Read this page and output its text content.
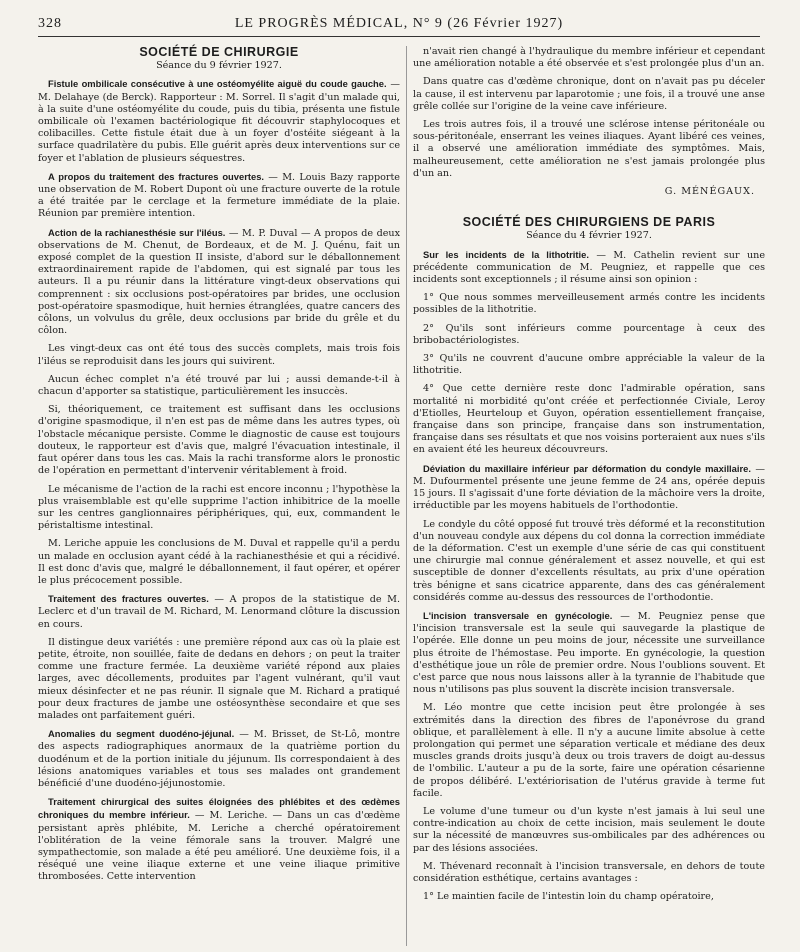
328	LE PROGRÈS MÉDICAL, N° 9 (26 Février 1927)
SOCIÉTÉ DE CHIRURGIE
Séance du 9 février 1927.

Fistule ombilicale consécutive à une ostéomyélite aiguë du coude gauche. — M. Delahaye (de Berck). Rapporteur : M. Sorrel. Il s'agit d'un malade qui, à la suite d'une ostéomyélite du coude, puis du tibia, présenta une fistule ombilicale où l'examen bactériologique fit découvrir staphylocoques et colibacilles. Cette fistule était due à un foyer d'ostéite siégeant à la surface quadrilatère du pubis. Elle guérit après deux interventions sur ce foyer et l'ablation de plusieurs séquestres.

A propos du traitement des fractures ouvertes. — M. Louis Bazy rapporte une observation de M. Robert Dupont où une fracture ouverte de la rotule a été traitée par le cerclage et la fermeture immédiate de la plaie. Réunion par première intention.

Action de la rachianesthésie sur l'iléus. — M. P. Duval — A propos de deux observations de M. Chenut, de Bordeaux, et de M. J. Quénu, fait un exposé complet de la question II insiste, d'abord sur le déballonnement extraordinairement rapide de l'abdomen, qui est signalé par tous les auteurs. Il a pu réunir dans la littérature vingt-deux observations qui comprennent : six occlusions post-opératoires par brides, une occlusion post-opératoire spasmodique, huit hernies étranglées, quatre cancers des côlons, un volvulus du grêle, deux occlusions par bride du grêle et du côlon.

Les vingt-deux cas ont été tous des succès complets, mais trois fois l'iléus se reproduisit dans les jours qui suivirent.

Aucun échec complet n'a été trouvé par lui ; aussi demande-t-il à chacun d'apporter sa statistique, particulièrement les insuccès.

Si, théoriquement, ce traitement est suffisant dans les occlusions d'origine spasmodique, il n'en est pas de même dans les autres types, où l'obstacle mécanique persiste. Comme le diagnostic de cause est toujours douteux, le rapporteur est d'avis que, malgré l'évacuation intestinale, il faut opérer dans tous les cas. Mais la rachi transforme alors le pronostic de l'opération en permettant d'intervenir véritablement à froid.

Le mécanisme de l'action de la rachi est encore inconnu ; l'hypothèse la plus vraisemblable est qu'elle supprime l'action inhibitrice de la moelle sur les centres ganglionnaires périphériques, qui, eux, commandent le péristaltisme intestinal.

M. Leriche appuie les conclusions de M. Duval et rappelle qu'il a perdu un malade en occlusion ayant cédé à la rachianesthésie et qui a récidivé. Il est donc d'avis que, malgré le déballonnement, il faut opérer, et opérer le plus précocement possible.

Traitement des fractures ouvertes. — A propos de la statistique de M. Leclerc et d'un travail de M. Richard, M. Lenormand clôture la discussion en cours.

Il distingue deux variétés : une première répond aux cas où la plaie est petite, étroite, non souillée, faite de dedans en dehors ; on peut la traiter comme une fracture fermée. La deuxième variété répond aux plaies larges, avec décollements, produites par l'agent vulnérant, qu'il vaut mieux désinfecter et ne pas réunir. Il signale que M. Richard a pratiqué pour deux fractures de jambe une ostéosynthèse secondaire et que ses malades ont parfaitement guéri.

Anomalies du segment duodéno-jéjunal. — M. Brisset, de St-Lô, montre des aspects radiographiques anormaux de la quatrième portion du duodénum et de la portion initiale du jéjunum. Ils correspondaient à des lésions anatomiques variables et tous ses malades ont grandement bénéficié d'une duodéno-jéjunostomie.

Traitement chirurgical des suites éloignées des phlébites et des œdèmes chroniques du membre inférieur. — M. Leriche. — Dans un cas d'œdème persistant après phlébite, M. Leriche a cherché opératoirement l'oblitération de la veine fémorale sans la trouver. Malgré une sympathectomie, son malade a été peu amélioré. Une deuxième fois, il a réséqué une veine iliaque externe et une veine iliaque primitive thrombosées. Cette intervention

n'avait rien changé à l'hydraulique du membre inférieur et cependant une amélioration notable a été observée et s'est prolongée plus d'un an.

Dans quatre cas d'œdème chronique, dont on n'avait pas pu déceler la cause, il est intervenu par laparotomie ; une fois, il a trouvé une anse grêle collée sur l'origine de la veine cave inférieure.

Les trois autres fois, il a trouvé une sclérose intense péritonéale ou sous-péritonéale, enserrant les veines iliaques. Ayant libéré ces veines, il a observé une amélioration immédiate des symptômes. Mais, malheureusement, cette amélioration ne s'est jamais prolongée plus d'un an.

G. MÉNÉGAUX.
SOCIÉTÉ DES CHIRURGIENS DE PARIS
Séance du 4 février 1927.

Sur les incidents de la lithotritie. — M. Cathelin revient sur une précédente communication de M. Peugniez, et rappelle que ces incidents sont exceptionnels ; il résume ainsi son opinion :

1° Que nous sommes merveilleusement armés contre les incidents possibles de la lithotritie.

2° Qu'ils sont inférieurs comme pourcentage à ceux des bribobactériologistes.

3° Qu'ils ne couvrent d'aucune ombre appréciable la valeur de la lithotritie.

4° Que cette dernière reste donc l'admirable opération, sans mortalité ni morbidité qu'ont créée et perfectionnée Civiale, Leroy d'Etiolles, Heurteloup et Guyon, opération essentiellement française, française dans son principe, française dans son instrumentation, française dans ses résultats et que nos voisins porteraient aux nues s'ils en avaient été les heureux découvreurs.

Déviation du maxillaire inférieur par déformation du condyle maxillaire. — M. Dufourmentel présente une jeune femme de 24 ans, opérée depuis 15 jours. Il s'agissait d'une forte déviation de la mâchoire vers la droite, irréductible par les moyens habituels de l'orthodontie.

Le condyle du côté opposé fut trouvé très déformé et la reconstitution d'un nouveau condyle aux dépens du col donna la correction immédiate de la déformation. C'est un exemple d'une série de cas qui constituent une chirurgie mal connue généralement et assez nouvelle, et qui est susceptible de donner d'excellents résultats, au prix d'une opération très bénigne et sans cicatrice apparente, dans des cas généralement considérés comme au-dessus des ressources de l'orthodontie.

L'incision transversale en gynécologie. — M. Peugniez pense que l'incision transversale est la seule qui sauvegarde la plastique de l'opérée. Elle donne un peu moins de jour, nécessite une surveillance plus étroite de l'hémostase. Peu importe. En gynécologie, la question d'esthétique joue un rôle de premier ordre. Nous l'oublions souvent. Et c'est parce que nous nous laissons aller à la tyrannie de l'habitude que nous n'utilisons pas plus souvent la discrète incision transversale.

M. Léo montre que cette incision peut être prolongée à ses extrémités dans la direction des fibres de l'aponévrose du grand oblique, et parallèlement à elle. Il n'y a aucune limite absolue à cette prolongation qui permet une séparation verticale et médiane des deux muscles grands droits jusqu'à deux ou trois travers de doigt au-dessus de l'ombilic. L'auteur a pu de la sorte, faire une opération césarienne de propos délibéré. L'extériorisation de l'utérus gravide à terme fut facile.

Le volume d'une tumeur ou d'un kyste n'est jamais à lui seul une contre-indication au choix de cette incision, mais seulement le doute sur la nécessité de manœuvres sus-ombilicales par des adhérences ou par des lésions associées.

M. Thévenard reconnaît à l'incision transversale, en dehors de toute considération esthétique, certains avantages :

1° Le maintien facile de l'intestin loin du champ opératoire,
